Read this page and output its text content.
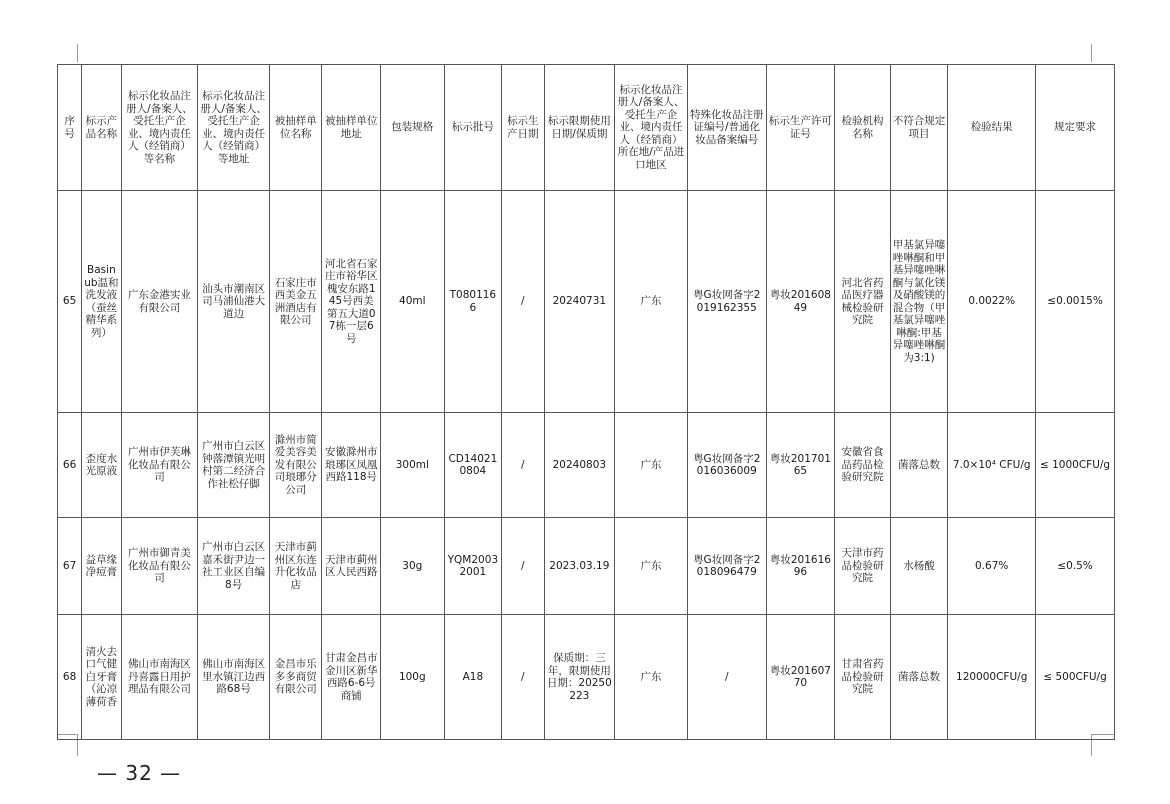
序号	标示产品名称	标示化妆品注册人/备案人、受托生产企业、境内责任人（经销商）等名称	标示化妆品注册人/备案人、受托生产企业、境内责任人（经销商）等地址	被抽样单位名称	被抽样单位地址	包装规格	标示批号	标示生产日期	标示限期使用日期/保质期	标示化妆品注册人/备案人、受托生产企业、境内责任人（经销商）所在地/产品进口地区	特殊化妆品注册证编号/普通化妆品备案编号	标示生产许可证号	检验机构名称	不符合规定项目	检验结果	规定要求
65	Basinub温和洗发液（蚕丝精华系列）	广东金港实业有限公司	汕头市潮南区司马浦仙港大道边	石家庄市西美金五洲酒店有限公司	河北省石家庄市裕华区槐安东路145号西美第五大道07栋一层6号	40ml	T0801166	/	20240731	广东	粤G妆网备字2019162355	粤妆20160849	河北省药品医疗器械检验研究院	甲基氯异噻唑啉酮和甲基异噻唑啉酮与氯化镁及硝酸镁的混合物（甲基氯异噻唑啉酮:甲基异噻唑啉酮为3:1)	0.0022%	≤0.0015%
66	歪度水光原液	广州市伊芙琳化妆品有限公司	广州市白云区钟落潭镇光明村第二经济合作社松仔脚	滁州市简爱美容美发有限公司琅琊分公司	安徽滁州市琅琊区凤凰西路118号	300ml	CD140210804	/	20240803	广东	粤G妆网备字2016036009	粤妆20170165	安徽省食品药品检验研究院	菌落总数	7.0×10⁴ CFU/g	≤ 1000CFU/g
67	益草缘净痘膏	广州市御青美化妆品有限公司	广州市白云区嘉禾街尹边一社工业区自编8号	天津市蓟州区东连升化妆品店	天津市蓟州区人民西路	30g	YQM20032001	/	2023.03.19	广东	粤G妆网备字2018096479	粤妆20161696	天津市药品检验研究院	水杨酸	0.67%	≤0.5%
68	清火去口气健白牙膏（沁凉薄荷香	佛山市南海区丹喜露日用护理品有限公司	佛山市南海区里水镇江边西路68号	金昌市乐多多商贸有限公司	甘肃金昌市金川区新华西路6-6号商铺	100g	A18	/	保质期：三年，限期使用日期：20250223	广东	/	粤妆20160770	甘肃省药品检验研究院	菌落总数	120000CFU/g	≤ 500CFU/g
— 32 —
